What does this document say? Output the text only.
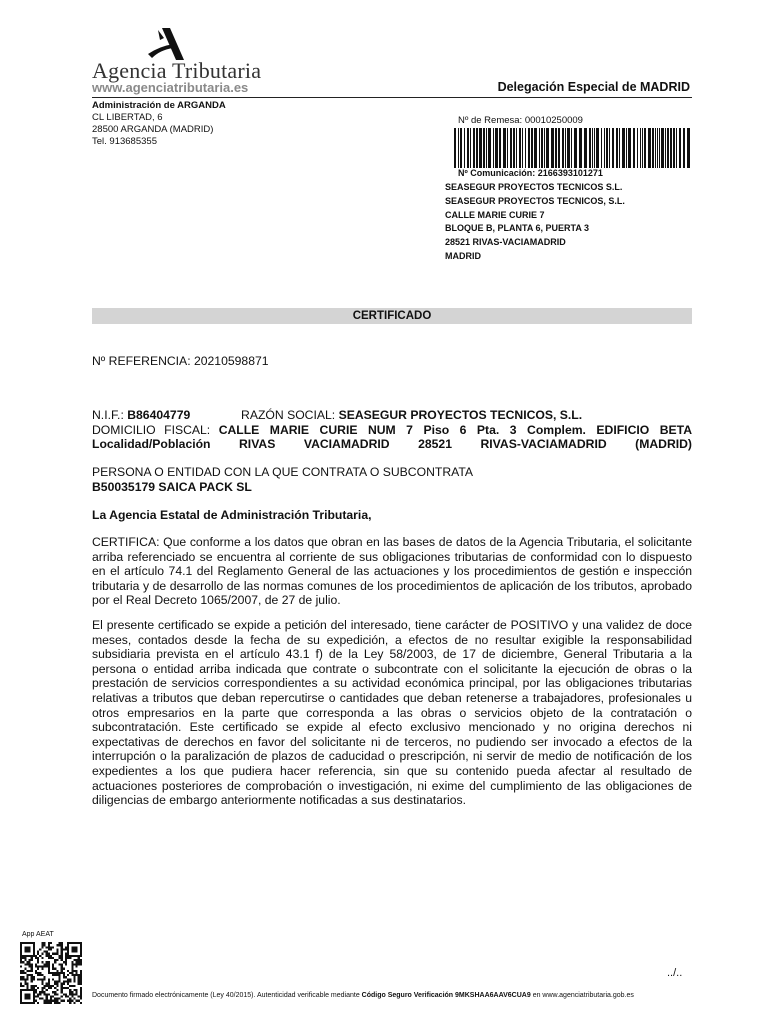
Agencia Tributaria
www.agenciatributaria.es	Delegación Especial de MADRID
Administración de ARGANDA
CL LIBERTAD, 6
28500 ARGANDA (MADRID)
Tel. 913685355
Nº de Remesa: 00010250009
Nº Comunicación: 2166393101271
SEASEGUR PROYECTOS TECNICOS S.L.
SEASEGUR PROYECTOS TECNICOS, S.L.
CALLE MARIE CURIE 7
BLOQUE B, PLANTA 6, PUERTA 3
28521 RIVAS-VACIAMADRID
MADRID
CERTIFICADO
Nº REFERENCIA: 20210598871
N.I.F.: B86404779	RAZÓN SOCIAL: SEASEGUR PROYECTOS TECNICOS, S.L.
DOMICILIO FISCAL: CALLE MARIE CURIE NUM 7 Piso 6 Pta. 3 Complem. EDIFICIO BETA Localidad/Población RIVAS VACIAMADRID 28521 RIVAS-VACIAMADRID (MADRID)
PERSONA O ENTIDAD CON LA QUE CONTRATA O SUBCONTRATA
B50035179 SAICA PACK SL
La Agencia Estatal de Administración Tributaria,
CERTIFICA: Que conforme a los datos que obran en las bases de datos de la Agencia Tributaria, el solicitante arriba referenciado se encuentra al corriente de sus obligaciones tributarias de conformidad con lo dispuesto en el artículo 74.1 del Reglamento General de las actuaciones y los procedimientos de gestión e inspección tributaria y de desarrollo de las normas comunes de los procedimientos de aplicación de los tributos, aprobado por el Real Decreto 1065/2007, de 27 de julio.
El presente certificado se expide a petición del interesado, tiene carácter de POSITIVO y una validez de doce meses, contados desde la fecha de su expedición, a efectos de no resultar exigible la responsabilidad subsidiaria prevista en el artículo 43.1 f) de la Ley 58/2003, de 17 de diciembre, General Tributaria a la persona o entidad arriba indicada que contrate o subcontrate con el solicitante la ejecución de obras o la prestación de servicios correspondientes a su actividad económica principal, por las obligaciones tributarias relativas a tributos que deban repercutirse o cantidades que deban retenerse a trabajadores, profesionales u otros empresarios en la parte que corresponda a las obras o servicios objeto de la contratación o subcontratación. Este certificado se expide al efecto exclusivo mencionado y no origina derechos ni expectativas de derechos en favor del solicitante ni de terceros, no pudiendo ser invocado a efectos de la interrupción o la paralización de plazos de caducidad o prescripción, ni servir de medio de notificación de los expedientes a los que pudiera hacer referencia, sin que su contenido pueda afectar al resultado de actuaciones posteriores de comprobación o investigación, ni exime del cumplimiento de las obligaciones de diligencias de embargo anteriormente notificadas a sus destinatarios.
App AEAT
../..
Documento firmado electrónicamente (Ley 40/2015). Autenticidad verificable mediante Código Seguro Verificación 9MKSHAA6AAV6CUA9 en www.agenciatributaria.gob.es
